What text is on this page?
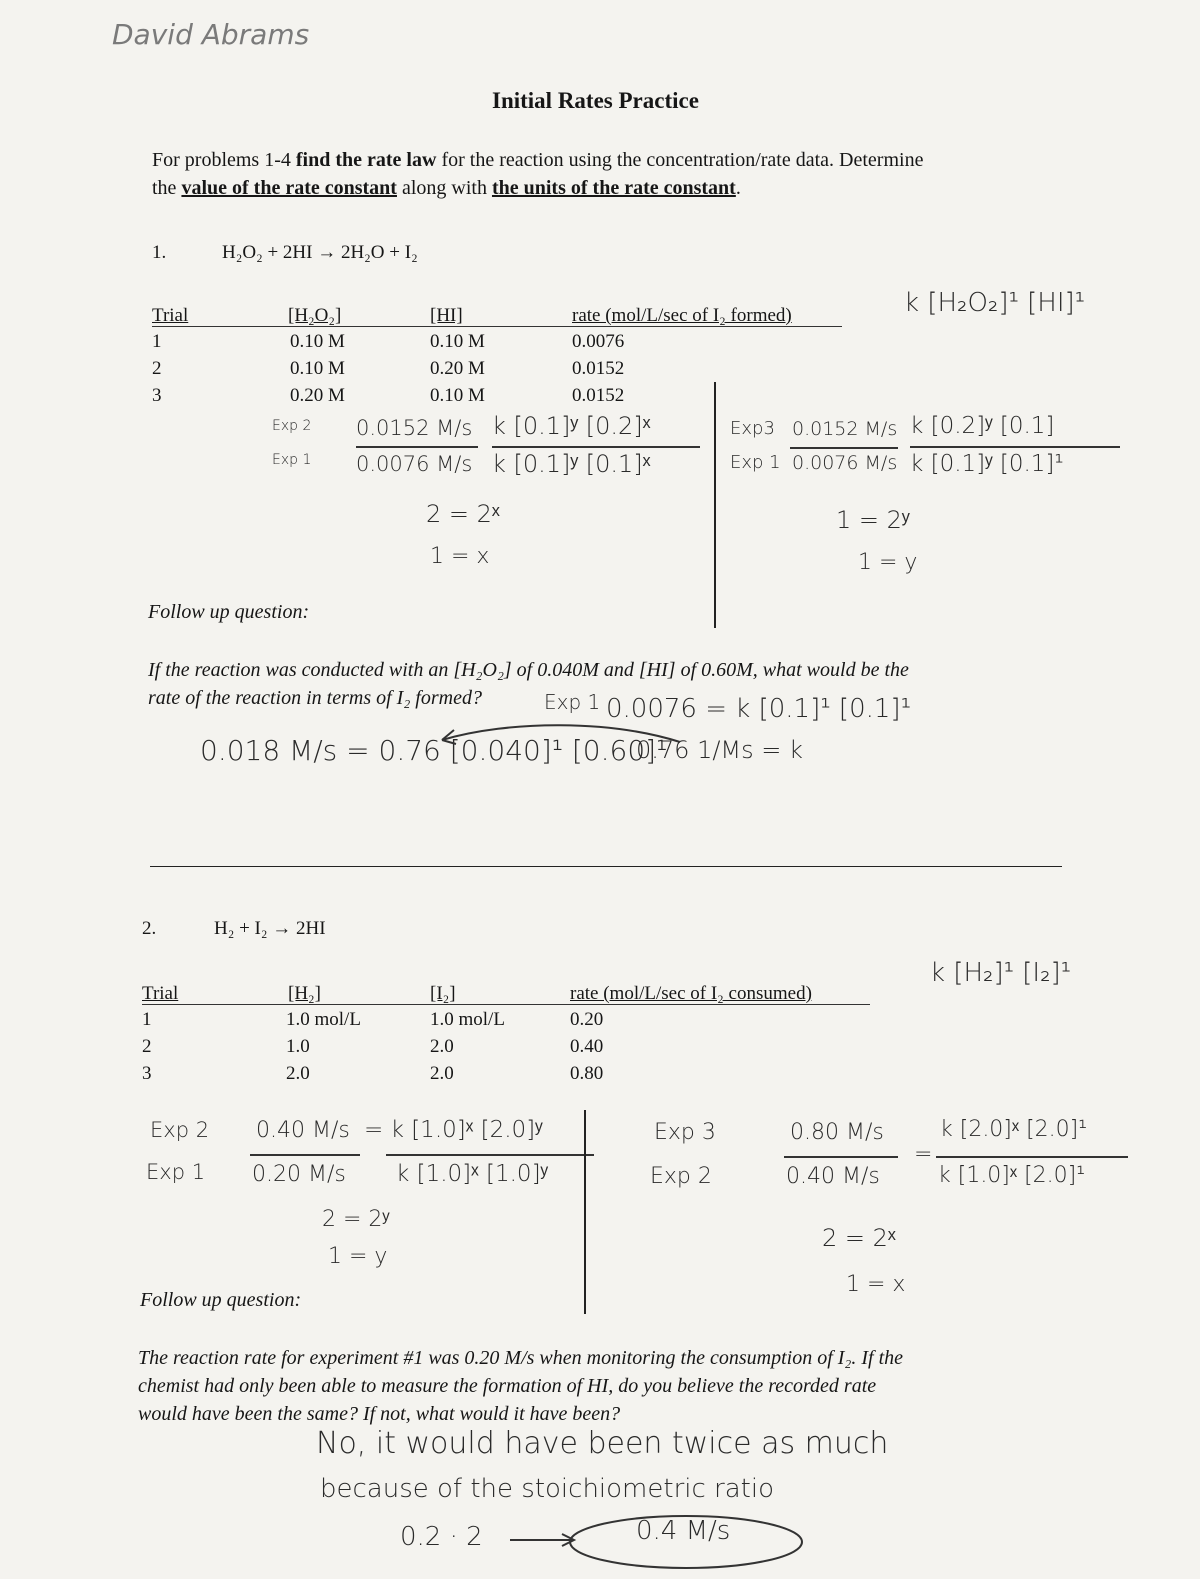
David Abrams
Initial Rates Practice
For problems 1-4 find the rate law for the reaction using the concentration/rate data. Determine
the value of the rate constant along with the units of the rate constant.
1.	H₂O₂ + 2HI → 2H₂O + I₂
Trial	[H₂O₂]	[HI]	rate (mol/L/sec of I₂ formed)
1	0.10 M	0.10 M	0.0076
2	0.10 M	0.20 M	0.0152
3	0.20 M	0.10 M	0.0152
k [H₂O₂]¹ [HI]¹
Exp 2
Exp 1
0.0152 M/s
0.0076 M/s
k [0.1]ʸ [0.2]ˣ
k [0.1]ʸ [0.1]ˣ
2 = 2ˣ
1 = x
Exp3
Exp 1
0.0152 M/s
0.0076 M/s
k [0.2]ʸ [0.1]
k [0.1]ʸ [0.1]¹
1 = 2ʸ
1 = y
Follow up question:
If the reaction was conducted with an [H₂O₂] of 0.040M and [HI] of 0.60M, what would be the
rate of the reaction in terms of I₂ formed?	Exp 1 0.0076 = k [0.1]¹ [0.1]¹
0.018 M/s = 0.76 [0.040]¹ [0.60]¹
0.76 1/Ms = k
2.	H₂ + I₂ → 2HI
Trial	[H₂]	[I₂]	rate (mol/L/sec of I₂ consumed)
1	1.0 mol/L	1.0 mol/L	0.20
2	1.0	2.0	0.40
3	2.0	2.0	0.80
k [H₂]¹ [I₂]¹
Exp 2
Exp 1
0.40 M/s
0.20 M/s
= k [1.0]ˣ [2.0]ʸ
k [1.0]ˣ [1.0]ʸ
2 = 2ʸ
1 = y
Exp 3
Exp 2
0.80 M/s
0.40 M/s
=
k [2.0]ˣ [2.0]¹
k [1.0]ˣ [2.0]¹
2 = 2ˣ
1 = x
Follow up question:
The reaction rate for experiment #1 was 0.20 M/s when monitoring the consumption of I₂. If the
chemist had only been able to measure the formation of HI, do you believe the recorded rate
would have been the same? If not, what would it have been?
No, it would have been twice as much
because of the stoichiometric ratio
0.2 · 2	0.4 M/s
